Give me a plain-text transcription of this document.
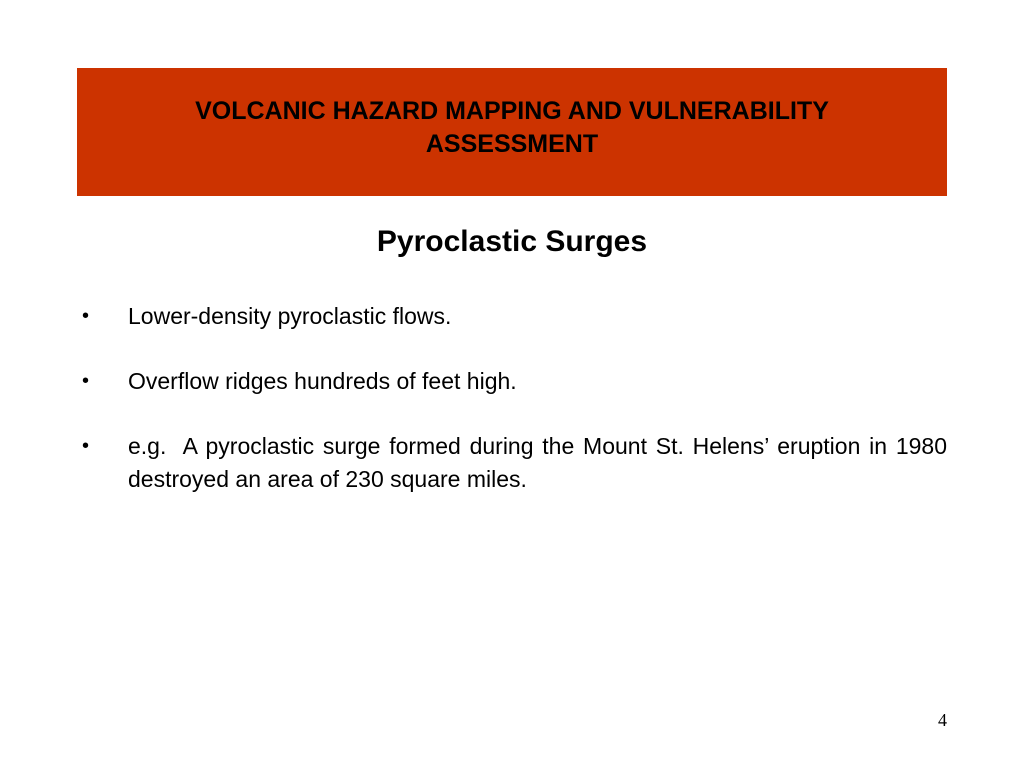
VOLCANIC HAZARD MAPPING AND VULNERABILITY ASSESSMENT
Pyroclastic Surges
• Lower-density pyroclastic flows.
• Overflow ridges hundreds of feet high.
• e.g.  A pyroclastic surge formed during the Mount St. Helens’ eruption in 1980 destroyed an area of 230 square miles.
4
